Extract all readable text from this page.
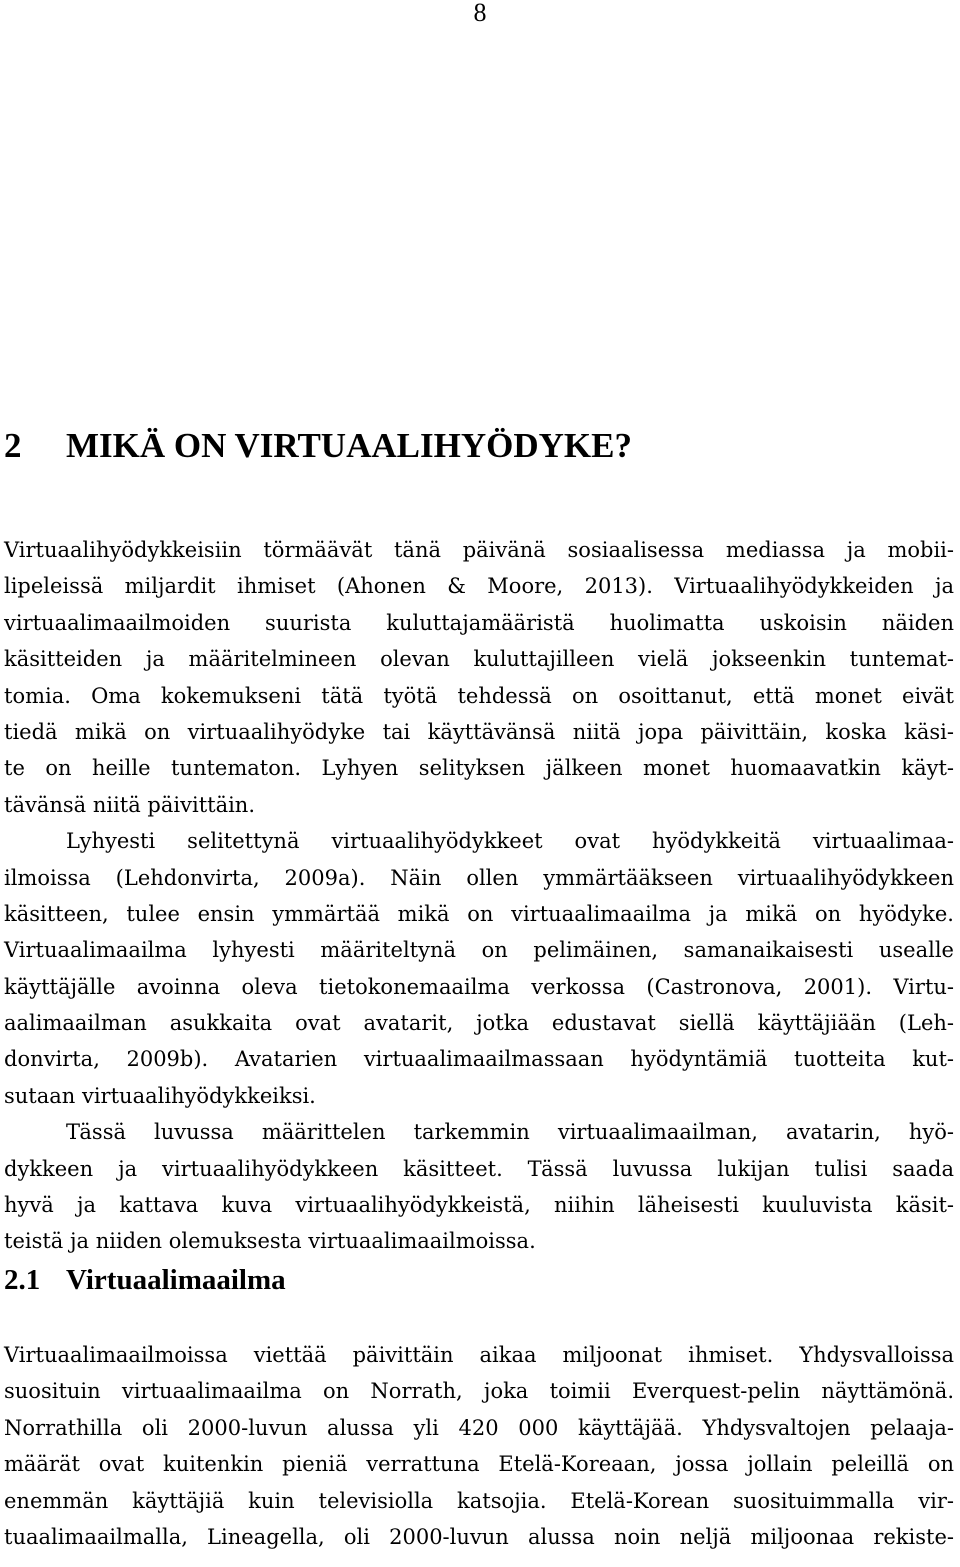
8
2 MIKÄ ON VIRTUAALIHYÖDYKE?
Virtuaalihyödykkeisiin törmäävät tänä päivänä sosiaalisessa mediassa ja mobii-
lipeleissä miljardit ihmiset (Ahonen & Moore, 2013). Virtuaalihyödykkeiden ja
virtuaalimaailmoiden suurista kuluttajamääristä huolimatta uskoisin näiden
käsitteiden ja määritelmineen olevan kuluttajilleen vielä jokseenkin tuntemat-
tomia. Oma kokemukseni tätä työtä tehdessä on osoittanut, että monet eivät
tiedä mikä on virtuaalihyödyke tai käyttävänsä niitä jopa päivittäin, koska käsi-
te on heille tuntematon. Lyhyen selityksen jälkeen monet huomaavatkin käyt-
tävänsä niitä päivittäin.
Lyhyesti selitettynä virtuaalihyödykkeet ovat hyödykkeitä virtuaalimaa-
ilmoissa (Lehdonvirta, 2009a). Näin ollen ymmärtääkseen virtuaalihyödykkeen
käsitteen, tulee ensin ymmärtää mikä on virtuaalimaailma ja mikä on hyödyke.
Virtuaalimaailma lyhyesti määriteltynä on pelimäinen, samanaikaisesti usealle
käyttäjälle avoinna oleva tietokonemaailma verkossa (Castronova, 2001). Virtu-
aalimaailman asukkaita ovat avatarit, jotka edustavat siellä käyttäjiään (Leh-
donvirta, 2009b). Avatarien virtuaalimaailmassaan hyödyntämiä tuotteita kut-
sutaan virtuaalihyödykkeiksi.
Tässä luvussa määrittelen tarkemmin virtuaalimaailman, avatarin, hyö-
dykkeen ja virtuaalihyödykkeen käsitteet. Tässä luvussa lukijan tulisi saada
hyvä ja kattava kuva virtuaalihyödykkeistä, niihin läheisesti kuuluvista käsit-
teistä ja niiden olemuksesta virtuaalimaailmoissa.
2.1 Virtuaalimaailma
Virtuaalimaailmoissa viettää päivittäin aikaa miljoonat ihmiset. Yhdysvalloissa
suosituin virtuaalimaailma on Norrath, joka toimii Everquest-pelin näyttämönä.
Norrathilla oli 2000-luvun alussa yli 420 000 käyttäjää. Yhdysvaltojen pelaaja-
määrät ovat kuitenkin pieniä verrattuna Etelä-Koreaan, jossa jollain peleillä on
enemmän käyttäjiä kuin televisiolla katsojia. Etelä-Korean suosituimmalla vir-
tuaalimaailmalla, Lineagella, oli 2000-luvun alussa noin neljä miljoonaa rekiste-
